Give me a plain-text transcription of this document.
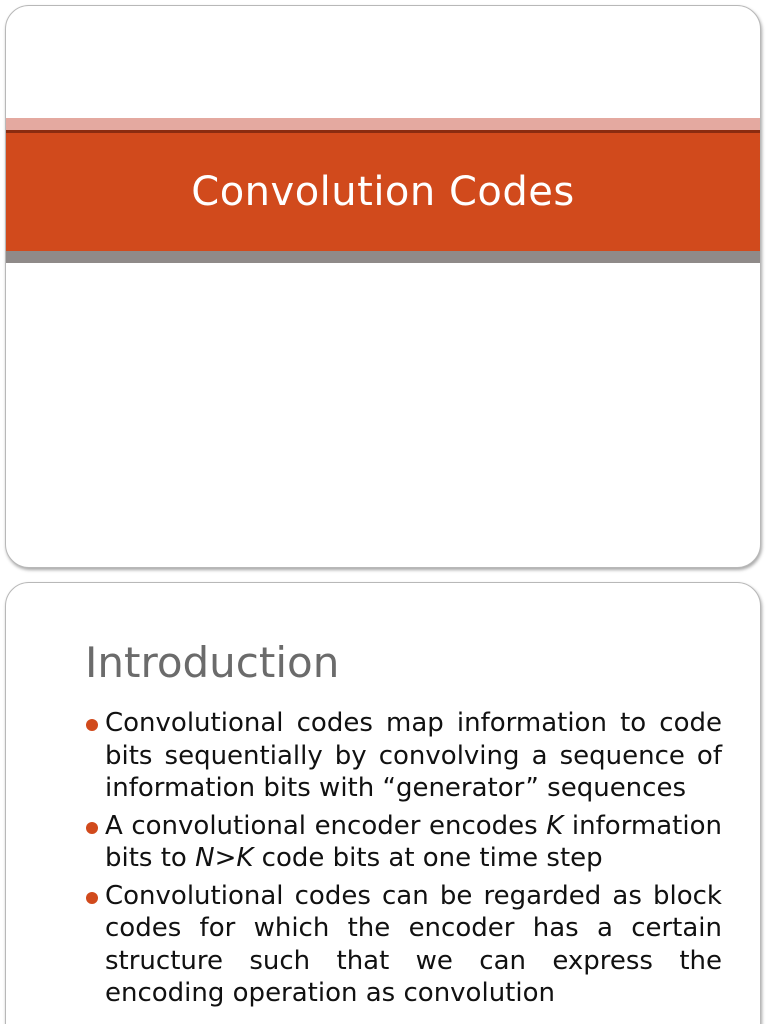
Convolution Codes
Introduction
Convolutional codes map information to code bits sequentially by convolving a sequence of information bits with “generator” sequences
A convolutional encoder encodes K information bits to N>K code bits at one time step
Convolutional codes can be regarded as block codes for which the encoder has a certain structure such that we can express the encoding operation as convolution
